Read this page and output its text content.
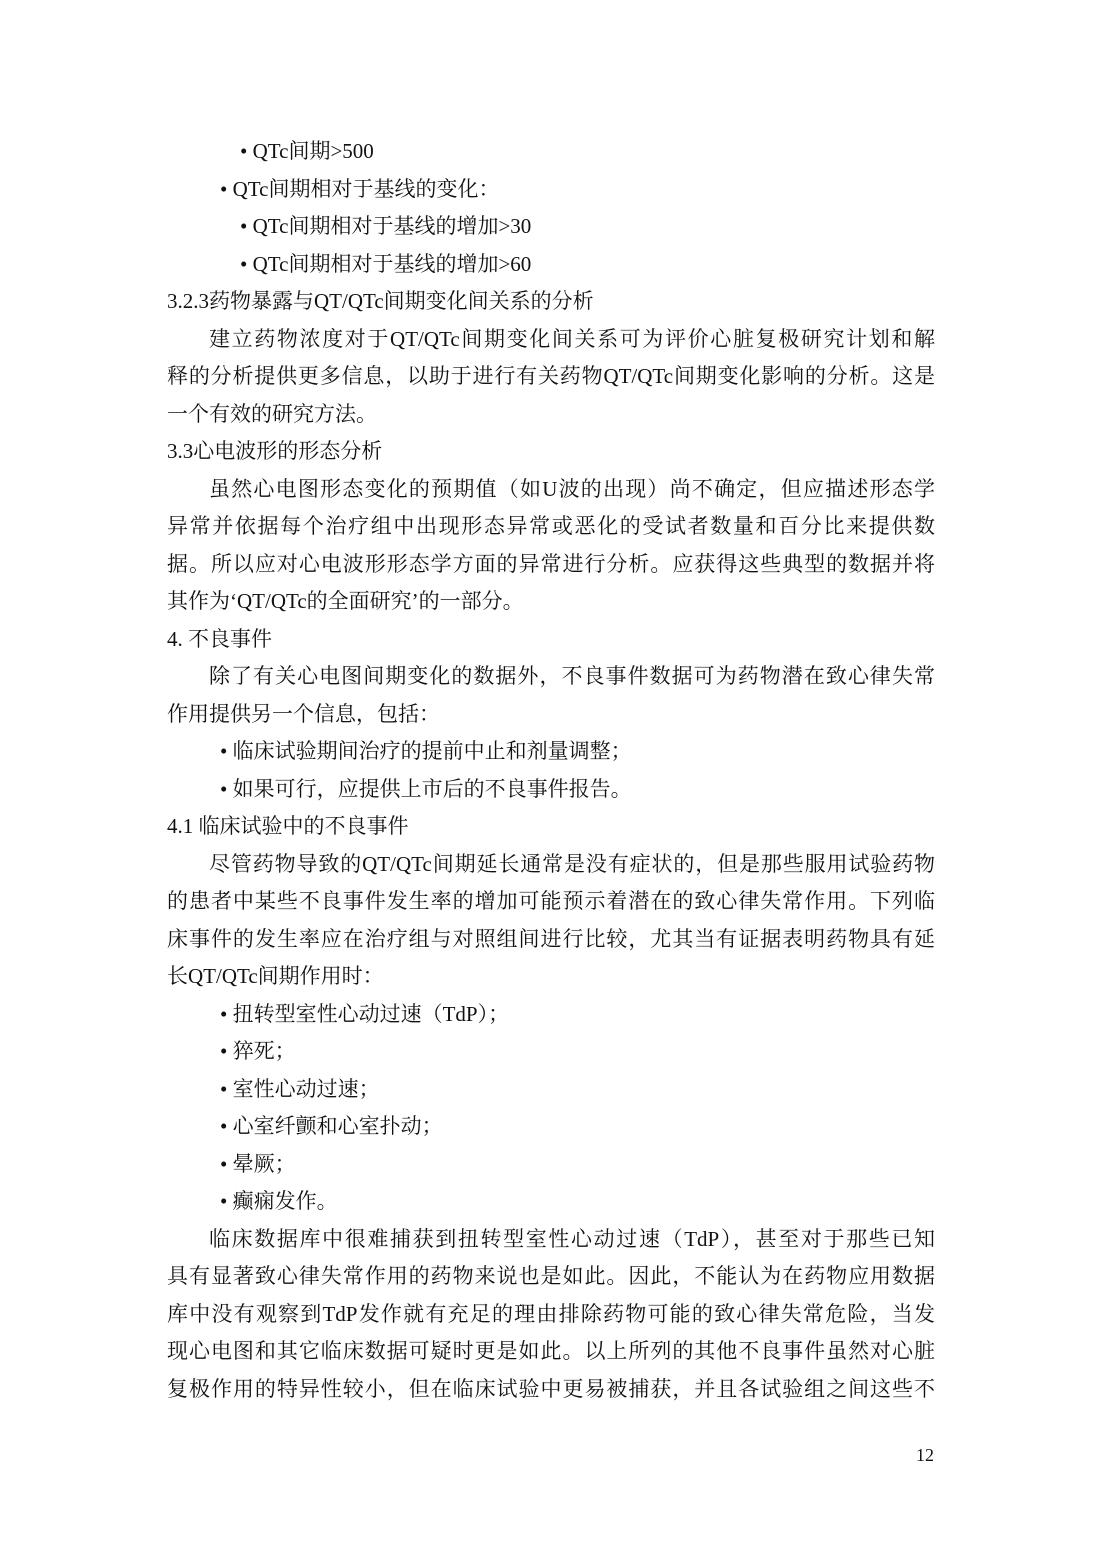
• QTc间期>500
• QTc间期相对于基线的变化：
• QTc间期相对于基线的增加>30
• QTc间期相对于基线的增加>60
3.2.3药物暴露与QT/QTc间期变化间关系的分析
建立药物浓度对于QT/QTc间期变化间关系可为评价心脏复极研究计划和解
释的分析提供更多信息，以助于进行有关药物QT/QTc间期变化影响的分析。这是
一个有效的研究方法。
3.3心电波形的形态分析
虽然心电图形态变化的预期值（如U波的出现）尚不确定，但应描述形态学
异常并依据每个治疗组中出现形态异常或恶化的受试者数量和百分比来提供数
据。所以应对心电波形形态学方面的异常进行分析。应获得这些典型的数据并将
其作为‘QT/QTc的全面研究’的一部分。
4. 不良事件
除了有关心电图间期变化的数据外，不良事件数据可为药物潜在致心律失常
作用提供另一个信息，包括：
• 临床试验期间治疗的提前中止和剂量调整；
• 如果可行，应提供上市后的不良事件报告。
4.1 临床试验中的不良事件
尽管药物导致的QT/QTc间期延长通常是没有症状的，但是那些服用试验药物
的患者中某些不良事件发生率的增加可能预示着潜在的致心律失常作用。下列临
床事件的发生率应在治疗组与对照组间进行比较，尤其当有证据表明药物具有延
长QT/QTc间期作用时：
• 扭转型室性心动过速（TdP）；
• 猝死；
• 室性心动过速；
• 心室纤颤和心室扑动；
• 晕厥；
• 癫痫发作。
临床数据库中很难捕获到扭转型室性心动过速（TdP），甚至对于那些已知
具有显著致心律失常作用的药物来说也是如此。因此，不能认为在药物应用数据
库中没有观察到TdP发作就有充足的理由排除药物可能的致心律失常危险，当发
现心电图和其它临床数据可疑时更是如此。以上所列的其他不良事件虽然对心脏
复极作用的特异性较小，但在临床试验中更易被捕获，并且各试验组之间这些不
12
